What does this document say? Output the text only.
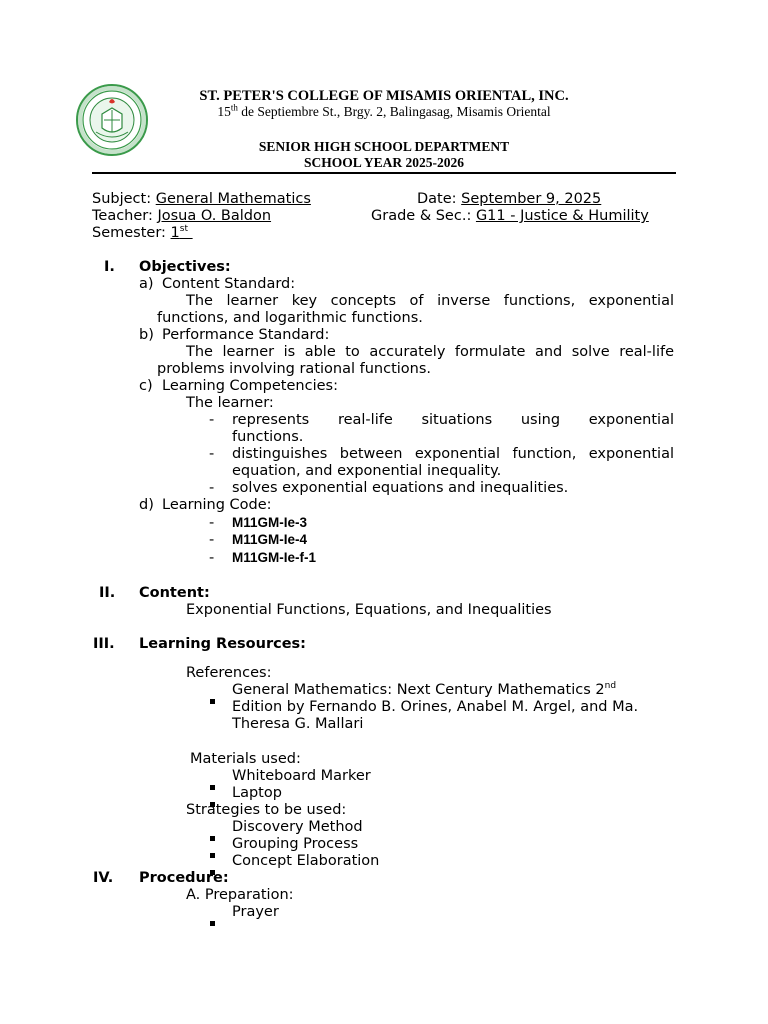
ST. PETER'S COLLEGE OF MISAMIS ORIENTAL, INC.
15th de Septiembre St., Brgy. 2, Balingasag, Misamis Oriental
SENIOR HIGH SCHOOL DEPARTMENT
SCHOOL YEAR 2025-2026
Subject: General Mathematics	Date: September 9, 2025
Teacher: Josua O. Baldon	Grade & Sec.: G11 - Justice & Humility
Semester: 1st
I. Objectives:
a) Content Standard:
The learner key concepts of inverse functions, exponential
functions, and logarithmic functions.
b) Performance Standard:
The learner is able to accurately formulate and solve real-life
problems involving rational functions.
c) Learning Competencies:
The learner:
- represents real-life situations using exponential
functions.
- distinguishes between exponential function, exponential
equation, and exponential inequality.
- solves exponential equations and inequalities.
d) Learning Code:
- M11GM-Ie-3
- M11GM-Ie-4
- M11GM-Ie-f-1
II. Content:
Exponential Functions, Equations, and Inequalities
III. Learning Resources:
References:
General Mathematics: Next Century Mathematics 2nd
Edition by Fernando B. Orines, Anabel M. Argel, and Ma.
Theresa G. Mallari
Materials used:
Whiteboard Marker
Laptop
Strategies to be used:
Discovery Method
Grouping Process
Concept Elaboration
IV. Procedure:
A. Preparation:
Prayer
